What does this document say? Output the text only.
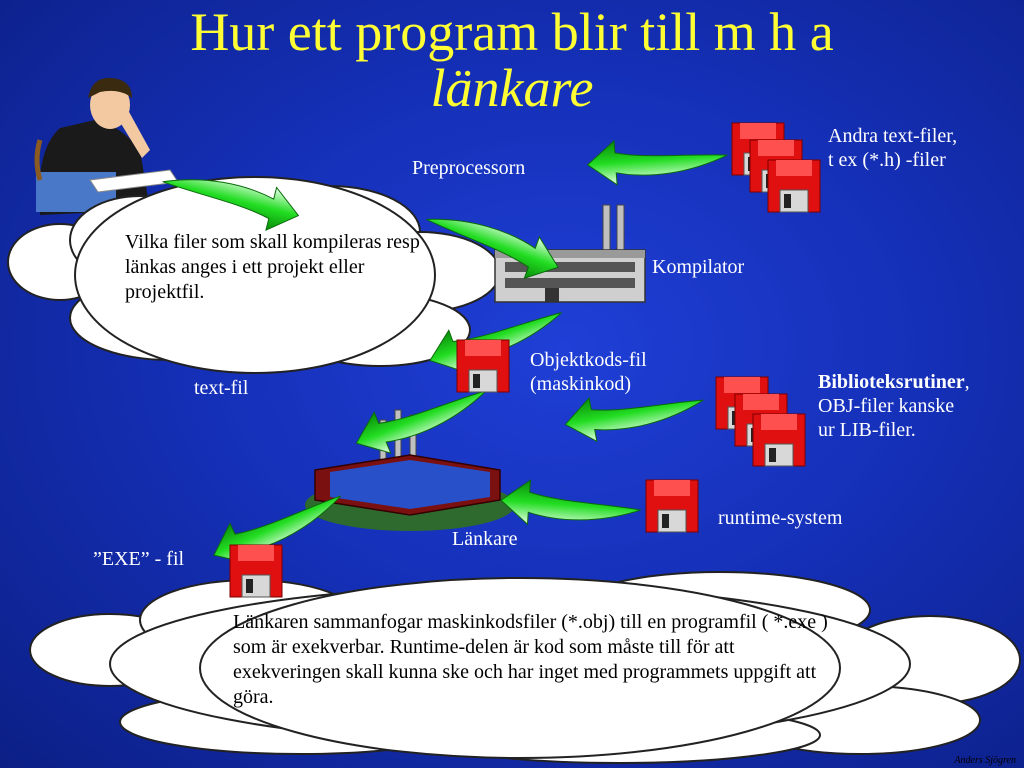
Hur ett program blir till m h a
länkare
Preprocessorn
Andra text-filer,
t ex (*.h) -filer
Kompilator
Objektkods-fil
(maskinkod)
text-fil	Biblioteksrutiner,
OBJ-filer kanske
ur LIB-filer.
runtime-system
Länkare
”EXE” - fil
Vilka filer som skall kompileras resp länkas anges i ett projekt eller projektfil.
Länkaren sammanfogar maskinkodsfiler (*.obj) till en programfil ( *.exe ) som är exekverbar. Runtime-delen är kod som måste till för att exekveringen skall kunna ske och har inget med programmets uppgift att göra.
Anders Sjögren
